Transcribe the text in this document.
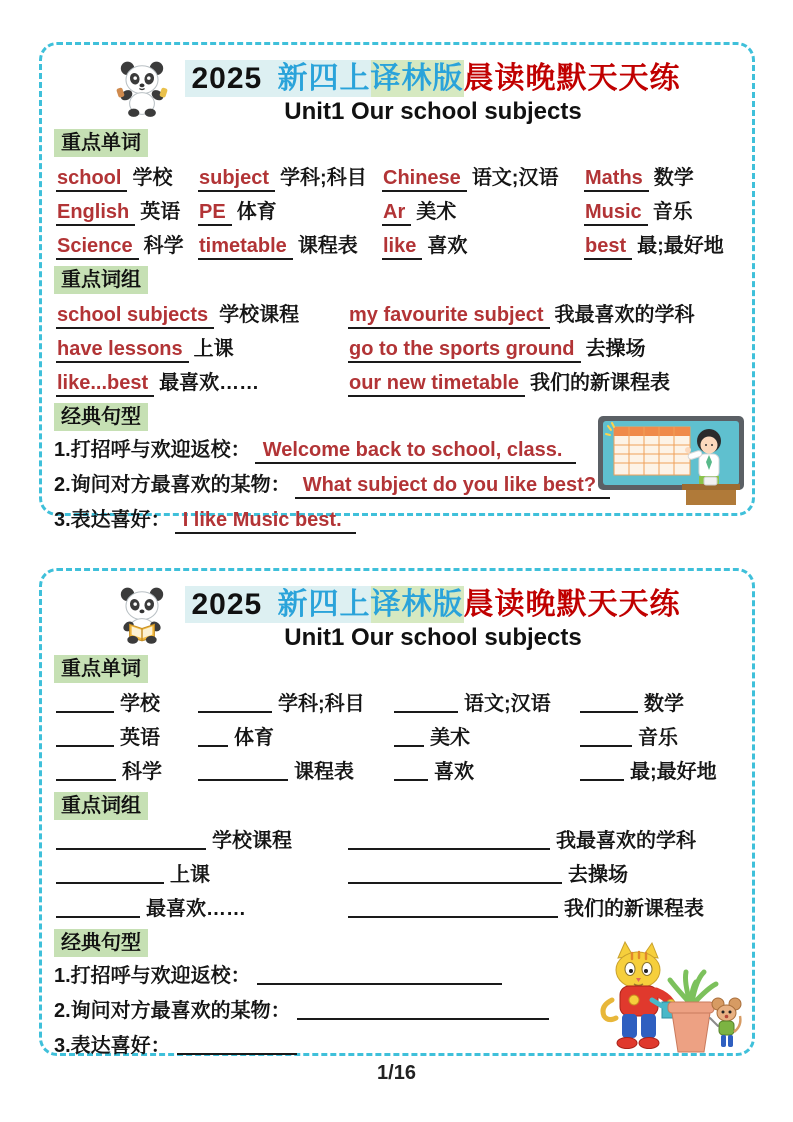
2025 新四上译林版晨读晚默天天练
Unit1 Our school subjects
重点单词
school 学校	subject 学科;科目 Chinese 语文;汉语	Maths 数学
English 英语 PE 体育	Ar 美术	Music 音乐
Science 科学 timetable 课程表	like 喜欢	best 最;最好地
重点词组
school subjects 学校课程	my favourite subject 我最喜欢的学科
have lessons 上课	go to the sports ground 去操场
like...best 最喜欢……	our new timetable 我们的新课程表
经典句型
1.打招呼与欢迎返校： Welcome back to school, class.
2.询问对方最喜欢的某物： What subject do you like best?
3.表达喜好： I like Music best.
2025 新四上译林版晨读晚默天天练
Unit1 Our school subjects
重点单词
学校	学科;科目	语文;汉语	数学
英语	体育	美术	音乐
科学	课程表	喜欢	最;最好地
重点词组
学校课程	我最喜欢的学科
上课	去操场
最喜欢……	我们的新课程表
经典句型
1.打招呼与欢迎返校：
2.询问对方最喜欢的某物：
3.表达喜好：
1/16
